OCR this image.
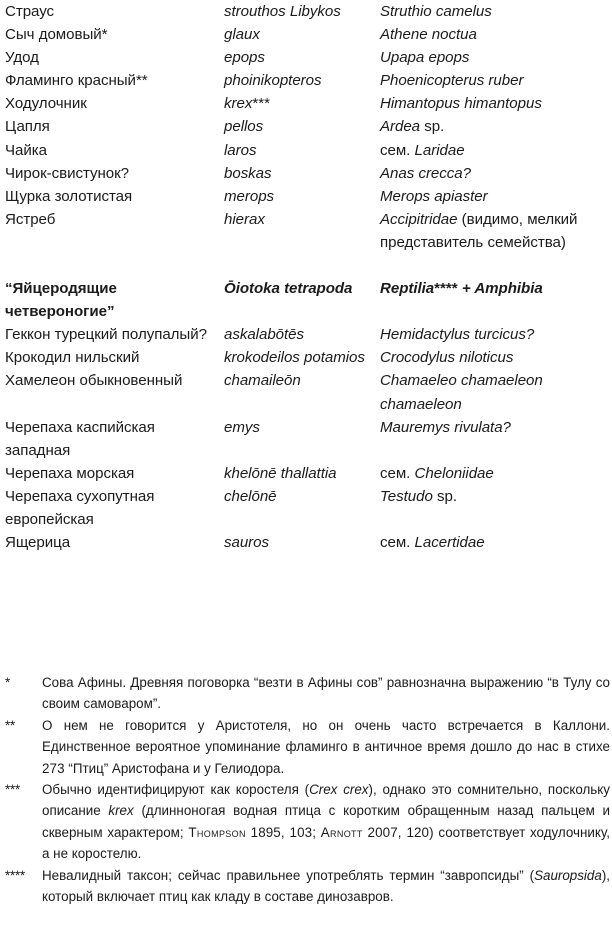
Страус	strouthos Libykos	Struthio camelus
Сыч домовый*	glaux	Athene noctua
Удод	epops	Upapa epops
Фламинго красный**	phoinikopteros	Phoenicopterus ruber
Ходулочник	krex***	Himantopus himantopus
Цапля	pellos	Ardea sp.
Чайка	laros	сем. Laridae
Чирок-свистунок?	boskas	Anas crecca?
Щурка золотистая	merops	Merops apiaster
Ястреб	hierax	Accipitridae (видимо, мелкий представитель семейства)
“Яйцеродящие четвероногие”	Ōiotoka tetrapoda	Reptilia**** + Amphibia
Геккон турецкий полупалый?	askalabōtēs	Hemidactylus turcicus?
Крокодил нильский	krokodeilos potamios	Crocodylus niloticus
Хамелеон обыкновенный	chamaileōn	Chamaeleo chamaeleon chamaeleon
Черепаха каспийская западная	emys	Mauremys rivulata?
Черепаха морская	khelōnē thallattia	сем. Cheloniidae
Черепаха сухопутная европейская	chelōnē	Testudo sp.
Ящерица	sauros	сем. Lacertidae
*	Сова Афины. Древняя поговорка “везти в Афины сов” равнозначна выражению “в Тулу со своим самоваром”.
**	О нем не говорится у Аристотеля, но он очень часто встречается в Каллони. Единственное вероятное упоминание фламинго в античное время дошло до нас в стихе 273 “Птиц” Аристофана и у Гелиодора.
***	Обычно идентифицируют как коростеля (Crex crex), однако это сомнительно, поскольку описание krex (длинноногая водная птица с коротким обращенным назад пальцем и скверным характером; Thompson 1895, 103; Arnott 2007, 120) соответствует ходулочнику, а не коростелю.
****	Невалидный таксон; сейчас правильнее употреблять термин “завропсиды” (Sauropsida), который включает птиц как кладу в составе динозавров.
